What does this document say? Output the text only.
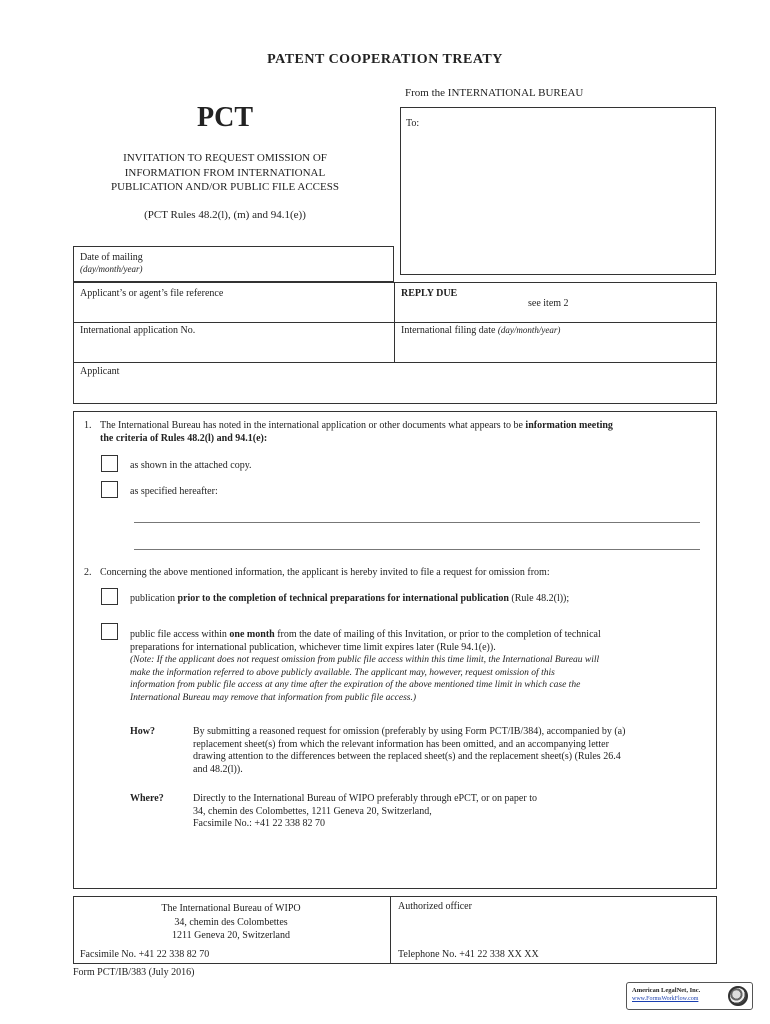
PATENT COOPERATION TREATY
From the INTERNATIONAL BUREAU
To:
PCT
INVITATION TO REQUEST OMISSION OF
INFORMATION FROM INTERNATIONAL
PUBLICATION AND/OR PUBLIC FILE ACCESS
(PCT Rules 48.2(l), (m) and 94.1(e))
Date of mailing
(day/month/year)
Applicant’s or agent’s file reference	REPLY DUE
see item 2
International application No.	International filing date (day/month/year)
Applicant
1. The International Bureau has noted in the international application or other documents what appears to be information meeting

the criteria of Rules 48.2(l) and 94.1(e):

as shown in the attached copy.
as specified hereafter:
2. Concerning the above mentioned information, the applicant is hereby invited to file a request for omission from:
publication prior to the completion of technical preparations for international publication (Rule 48.2(l));

public file access within one month from the date of mailing of this Invitation, or prior to the completion of technical

preparations for international publication, whichever time limit expires later (Rule 94.1(e)).

(Note: If the applicant does not request omission from public file access within this time limit, the International Bureau will

make the information referred to above publicly available. The applicant may, however, request omission of this

information from public file access at any time after the expiration of the above mentioned time limit in which case the

International Bureau may remove that information from public file access.)

How?	By submitting a reasoned request for omission (preferably by using Form PCT/IB/384), accompanied by (a)

replacement sheet(s) from which the relevant information has been omitted, and an accompanying letter

drawing attention to the differences between the replaced sheet(s) and the replacement sheet(s) (Rules 26.4

and 48.2(l)).

Where?	Directly to the International Bureau of WIPO preferably through ePCT, or on paper to

34, chemin des Colombettes, 1211 Geneva 20, Switzerland,

Facsimile No.: +41 22 338 82 70

The International Bureau of WIPO
34, chemin des Colombettes
1211 Geneva 20, Switzerland
Facsimile No. +41 22 338 82 70
Authorized officer
Telephone No. +41 22 338 XX XX
Form PCT/IB/383 (July 2016)
American LegalNet, Inc.
www.FormsWorkFlow.com
